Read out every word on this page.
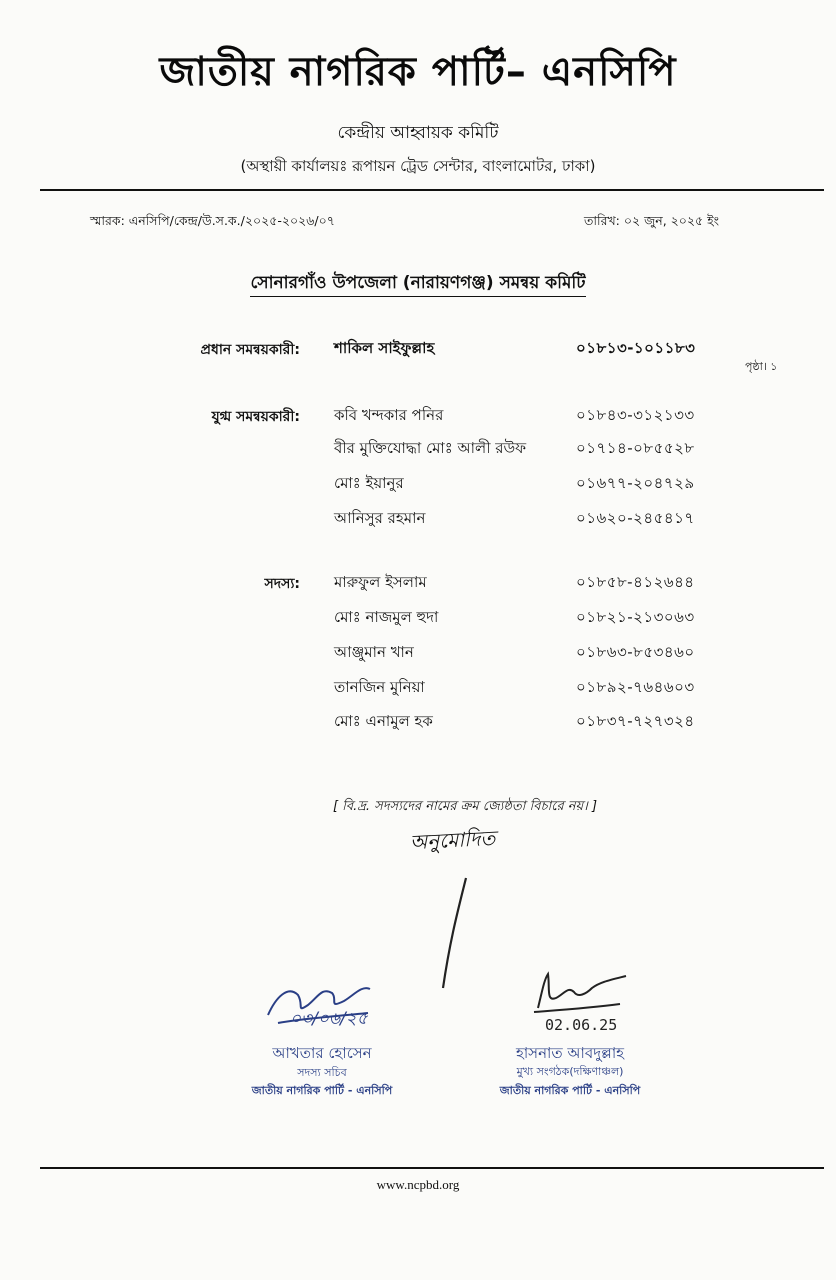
জাতীয় নাগরিক পার্টি– এনসিপি
কেন্দ্রীয় আহ্বায়ক কমিটি
(অস্থায়ী কার্যালয়ঃ রূপায়ন ট্রেড সেন্টার, বাংলামোটর, ঢাকা)
স্মারক: এনসিপি/কেন্দ্র/উ.স.ক./২০২৫-২০২৬/০৭	তারিখ: ০২ জুন, ২০২৫ ইং
সোনারগাঁও উপজেলা (নারায়ণগঞ্জ) সমন্বয় কমিটি
প্রধান সমন্বয়কারী: শাকিল সাইফুল্লাহ	০১৮১৩-১০১১৮৩
পৃষ্ঠা। ১
যুগ্ম সমন্বয়কারী: কবি খন্দকার পনির	০১৮৪৩-৩১২১৩৩
বীর মুক্তিযোদ্ধা মোঃ আলী রউফ	০১৭১৪-০৮৫৫২৮
মোঃ ইয়ানুর	০১৬৭৭-২০৪৭২৯
আনিসুর রহমান	০১৬২০-২৪৫৪১৭
সদস্য: মারুফুল ইসলাম	০১৮৫৮-৪১২৬৪৪
মোঃ নাজমুল হুদা	০১৮২১-২১৩০৬৩
আঞ্জুমান খান	০১৮৬৩-৮৫৩৪৬০
তানজিন মুনিয়া	০১৮৯২-৭৬৪৬০৩
মোঃ এনামুল হক	০১৮৩৭-৭২৭৩২৪
[ বি.দ্র. সদস্যদের নামের ক্রম জ্যেষ্ঠতা বিচারে নয়। ]
অনুমোদিত
০৩/০৬/২৫
আখতার হোসেন
সদস্য সচিব
জাতীয় নাগরিক পার্টি - এনসিপি
02.06.25
হাসনাত আবদুল্লাহ
মুখ্য সংগঠক(দক্ষিণাঞ্চল)
জাতীয় নাগরিক পার্টি - এনসিপি
www.ncpbd.org
